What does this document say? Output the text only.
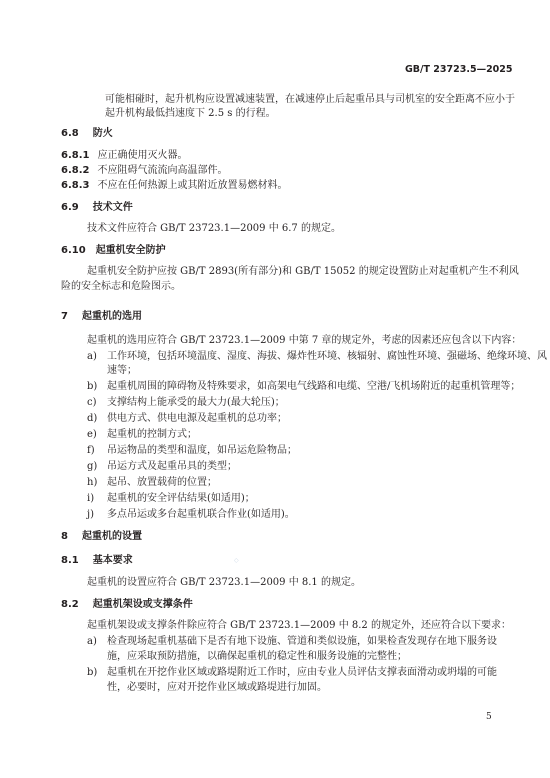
GB/T 23723.5—2025
可能相碰时，起升机构应设置减速装置，在减速停止后起重吊具与司机室的安全距离不应小于
起升机构最低挡速度下 2.5 s 的行程。
6.8 防火
6.8.1 应正确使用灭火器。
6.8.2 不应阻碍气流流向高温部件。
6.8.3 不应在任何热源上或其附近放置易燃材料。
6.9 技术文件
技术文件应符合 GB/T 23723.1—2009 中 6.7 的规定。
6.10 起重机安全防护
起重机安全防护应按 GB/T 2893(所有部分)和 GB/T 15052 的规定设置防止对起重机产生不利风
险的安全标志和危险图示。
7 起重机的选用
起重机的选用应符合 GB/T 23723.1—2009 中第 7 章的规定外，考虑的因素还应包含以下内容：
a) 工作环境，包括环境温度、湿度、海拔、爆炸性环境、核辐射、腐蚀性环境、强磁场、绝缘环境、风
速等；
b) 起重机周围的障碍物及特殊要求，如高架电气线路和电缆、空港/飞机场附近的起重机管理等；
c) 支撑结构上能承受的最大力(最大轮压)；
d) 供电方式、供电电源及起重机的总功率；
e) 起重机的控制方式；
f) 吊运物品的类型和温度，如吊运危险物品；
g) 吊运方式及起重吊具的类型；
h) 起吊、放置载荷的位置；
i) 起重机的安全评估结果(如适用)；
j) 多点吊运或多台起重机联合作业(如适用)。
8 起重机的设置
8.1 基本要求	◇
起重机的设置应符合 GB/T 23723.1—2009 中 8.1 的规定。
8.2 起重机架设或支撑条件
起重机架设或支撑条件除应符合 GB/T 23723.1—2009 中 8.2 的规定外，还应符合以下要求：
a) 检查现场起重机基础下是否有地下设施、管道和类似设施，如果检查发现存在地下服务设
施，应采取预防措施，以确保起重机的稳定性和服务设施的完整性；
b) 起重机在开挖作业区域或路堤附近工作时，应由专业人员评估支撑表面滑动或坍塌的可能
性，必要时，应对开挖作业区域或路堤进行加固。
5
